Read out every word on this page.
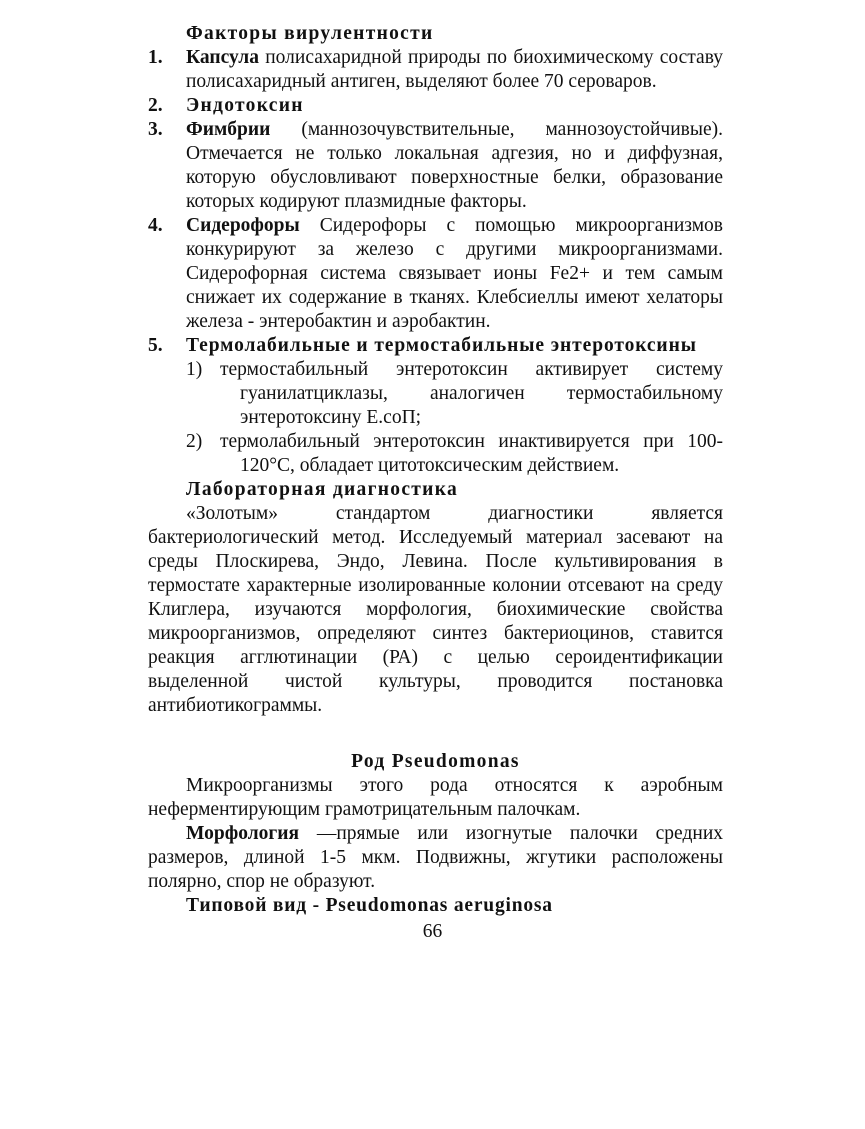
Факторы вирулентности
1. Капсула полисахаридной природы по биохимическому составу полисахаридный антиген, выделяют более 70 сероваров.
2. Эндотоксин
3. Фимбрии (маннозочувствительные, маннозоустойчивые). Отмечается не только локальная адгезия, но и диффузная, которую обусловливают поверхностные белки, образование которых кодируют плазмидные факторы.
4. Сидерофоры Сидерофоры с помощью микроорганизмов конкурируют за железо с другими микроорганизмами. Сидерофорная система связывает ионы Fe2+ и тем самым снижает их содержание в тканях. Клебсиеллы имеют хелаторы железа - энтеробактин и аэробактин.
5. Термолабильные и термостабильные энтеротоксины
1) термостабильный энтеротоксин активирует систему гуанилатциклазы, аналогичен термостабильному энтеротоксину E.coП;
2) термолабильный энтеротоксин инактивируется при 100-120°С, обладает цитотоксическим действием.
Лабораторная диагностика
«Золотым» стандартом диагностики является бактериологический метод. Исследуемый материал засевают на среды Плоскирева, Эндо, Левина. После культивирования в термостате характерные изолированные колонии отсевают на среду Клиглера, изучаются морфология, биохимические свойства микроорганизмов, определяют синтез бактериоцинов, ставится реакция агглютинации (РА) с целью сероидентификации выделенной чистой культуры, проводится постановка антибиотикограммы.
Род Pseudomonas
Микроорганизмы этого рода относятся к аэробным неферментирующим грамотрицательным палочкам.
Морфология —прямые или изогнутые палочки средних размеров, длиной 1-5 мкм. Подвижны, жгутики расположены полярно, спор не образуют.
Типовой вид - Pseudomonas aeruginosa
66
